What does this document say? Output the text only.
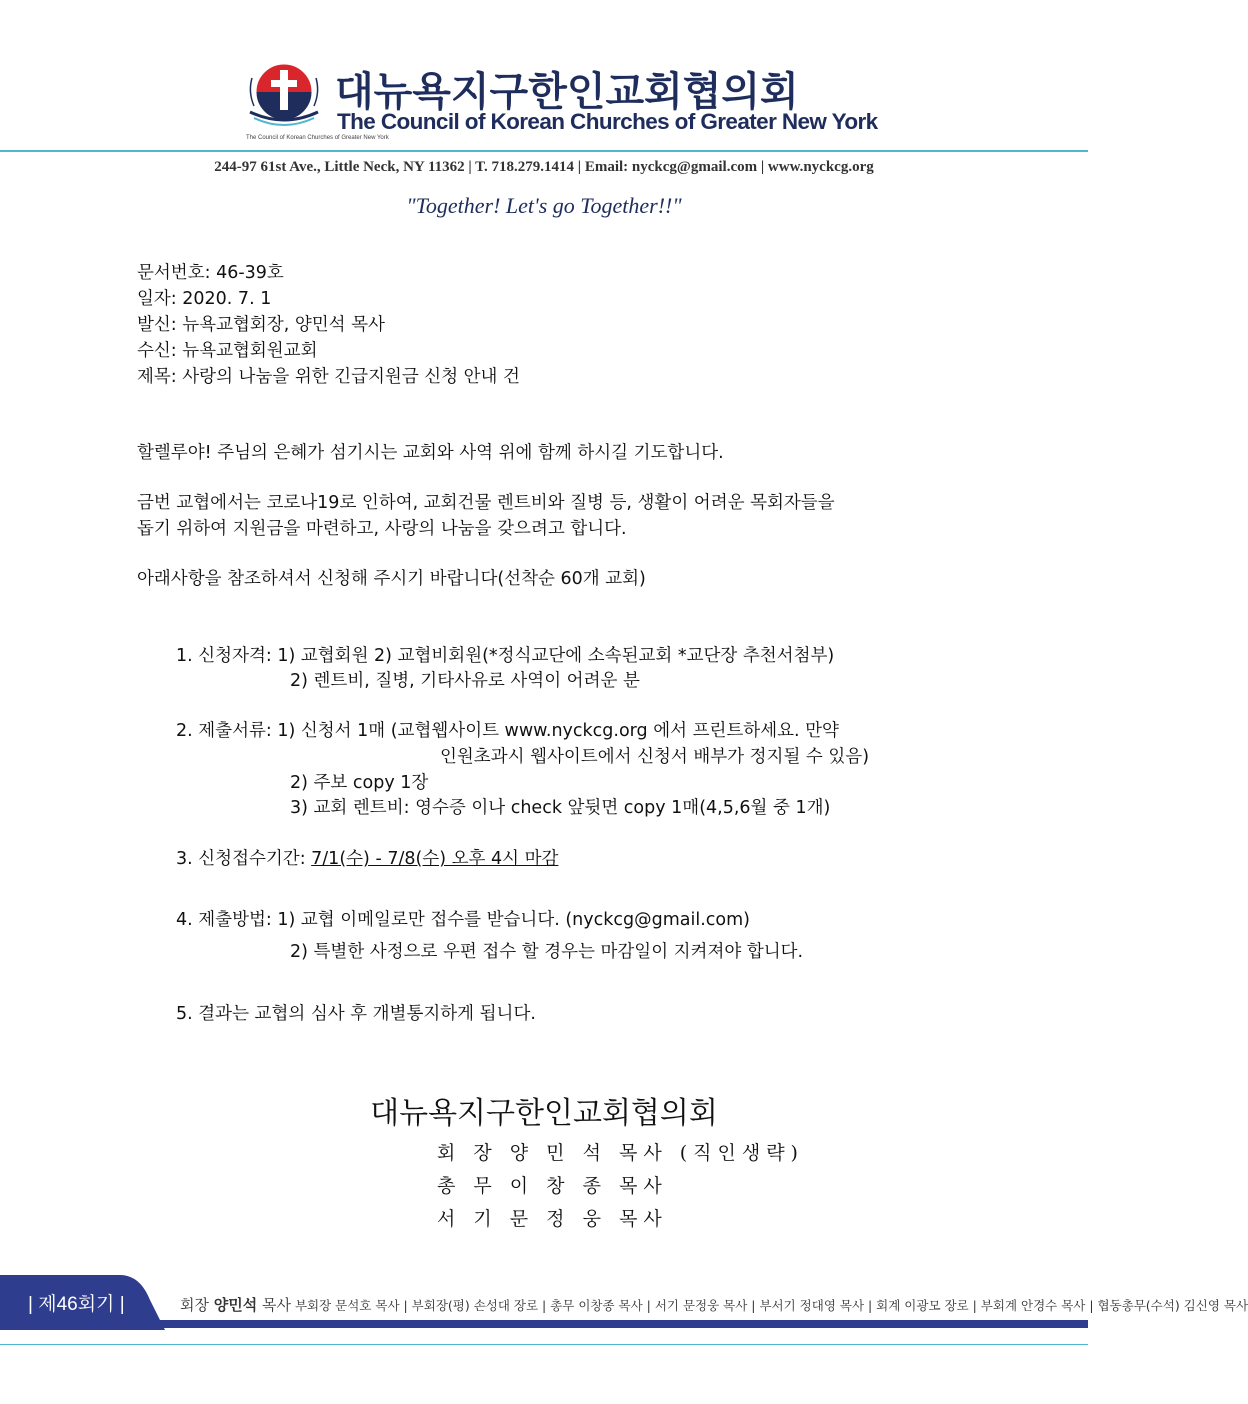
The Council of Korean Churches of Greater New York
대뉴욕지구한인교회협의회
The Council of Korean Churches of Greater New York
244-97 61st Ave., Little Neck, NY 11362 | T. 718.279.1414 | Email: nyckcg@gmail.com | www.nyckcg.org
"Together! Let's go Together!!"
문서번호: 46-39호
일자: 2020. 7. 1
발신: 뉴욕교협회장, 양민석 목사
수신: 뉴욕교협회원교회
제목: 사랑의 나눔을 위한 긴급지원금 신청 안내 건
할렐루야! 주님의 은혜가 섬기시는 교회와 사역 위에 함께 하시길 기도합니다.
금번 교협에서는 코로나19로 인하여, 교회건물 렌트비와 질병 등, 생활이 어려운 목회자들을
돕기 위하여 지원금을 마련하고, 사랑의 나눔을 갖으려고 합니다.
아래사항을 참조하셔서 신청해 주시기 바랍니다(선착순 60개 교회)
1. 신청자격: 1) 교협회원 2) 교협비회원(*정식교단에 소속된교회 *교단장 추천서첨부)
2) 렌트비, 질병, 기타사유로 사역이 어려운 분
2. 제출서류: 1) 신청서 1매 (교협웹사이트 www.nyckcg.org 에서 프린트하세요. 만약
인원초과시 웹사이트에서 신청서 배부가 정지될 수 있음)
2) 주보 copy 1장
3) 교회 렌트비: 영수증 이나 check 앞뒷면 copy 1매(4,5,6월 중 1개)
3. 신청접수기간: 7/1(수) - 7/8(수) 오후 4시 마감
4. 제출방법: 1) 교협 이메일로만 접수를 받습니다. (nyckcg@gmail.com)
2) 특별한 사정으로 우편 접수 할 경우는 마감일이 지켜져야 합니다.
5. 결과는 교협의 심사 후 개별통지하게 됩니다.
대뉴욕지구한인교회협의회
회 장 양 민 석 목사 (직인생략)
총 무 이 창 종 목사
서 기 문 정 웅 목사
| 제46회기 |	회장 양민석 목사 부회장 문석호 목사 | 부회장(평) 손성대 장로 | 총무 이창종 목사 | 서기 문정웅 목사 | 부서기 정대영 목사 | 회계 이광모 장로 | 부회계 안경수 목사 | 협동총무(수석) 김신영 목사
